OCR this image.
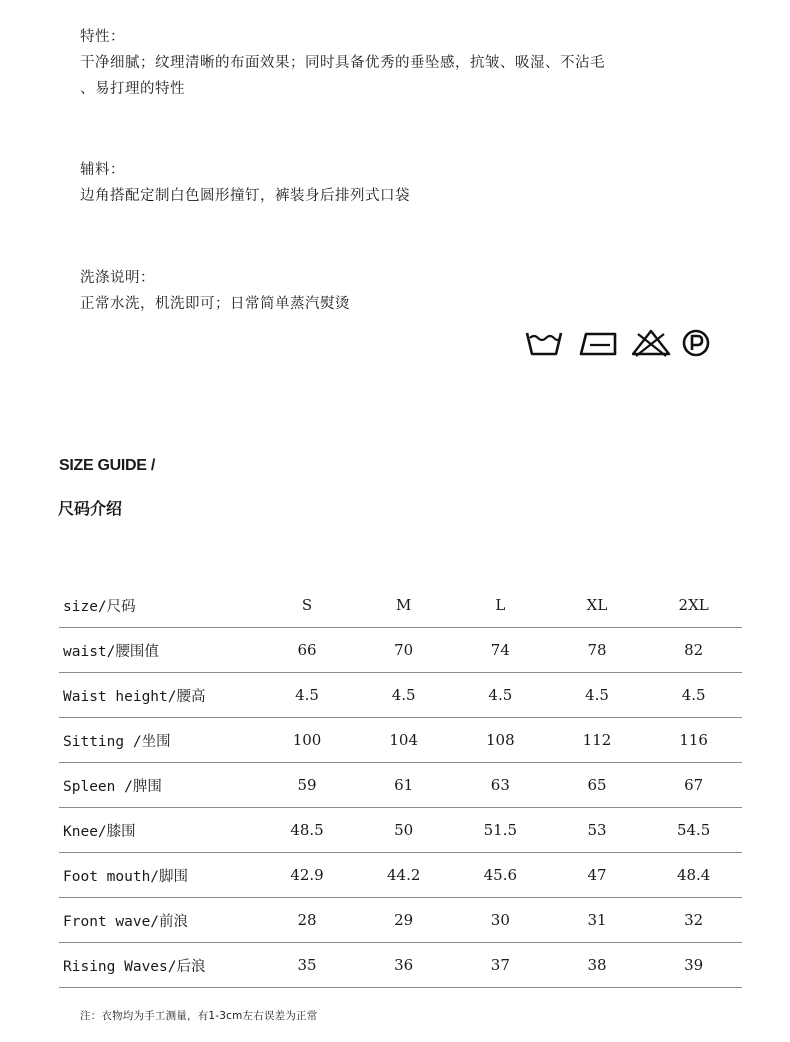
特性：

干净细腻；纹理清晰的布面效果；同时具备优秀的垂坠感，抗皱、吸湿、不沾毛

、易打理的特性

辅料：

边角搭配定制白色圆形撞钉，裤装身后排列式口袋

洗涤说明：

正常水洗，机洗即可；日常简单蒸汽熨烫

SIZE GUIDE /
尺码介绍
size/尺码	S	M	L	XL	2XL
waist/腰围值	66	70	74	78	82
Waist height/腰高	4.5	4.5	4.5	4.5	4.5
Sitting /坐围	100	104	108	112	116
Spleen /脾围	59	61	63	65	67
Knee/膝围	48.5	50	51.5	53	54.5
Foot mouth/脚围	42.9	44.2	45.6	47	48.4
Front wave/前浪	28	29	30	31	32
Rising Waves/后浪	35	36	37	38	39
注：衣物均为手工测量，有1-3cm左右误差为正常
